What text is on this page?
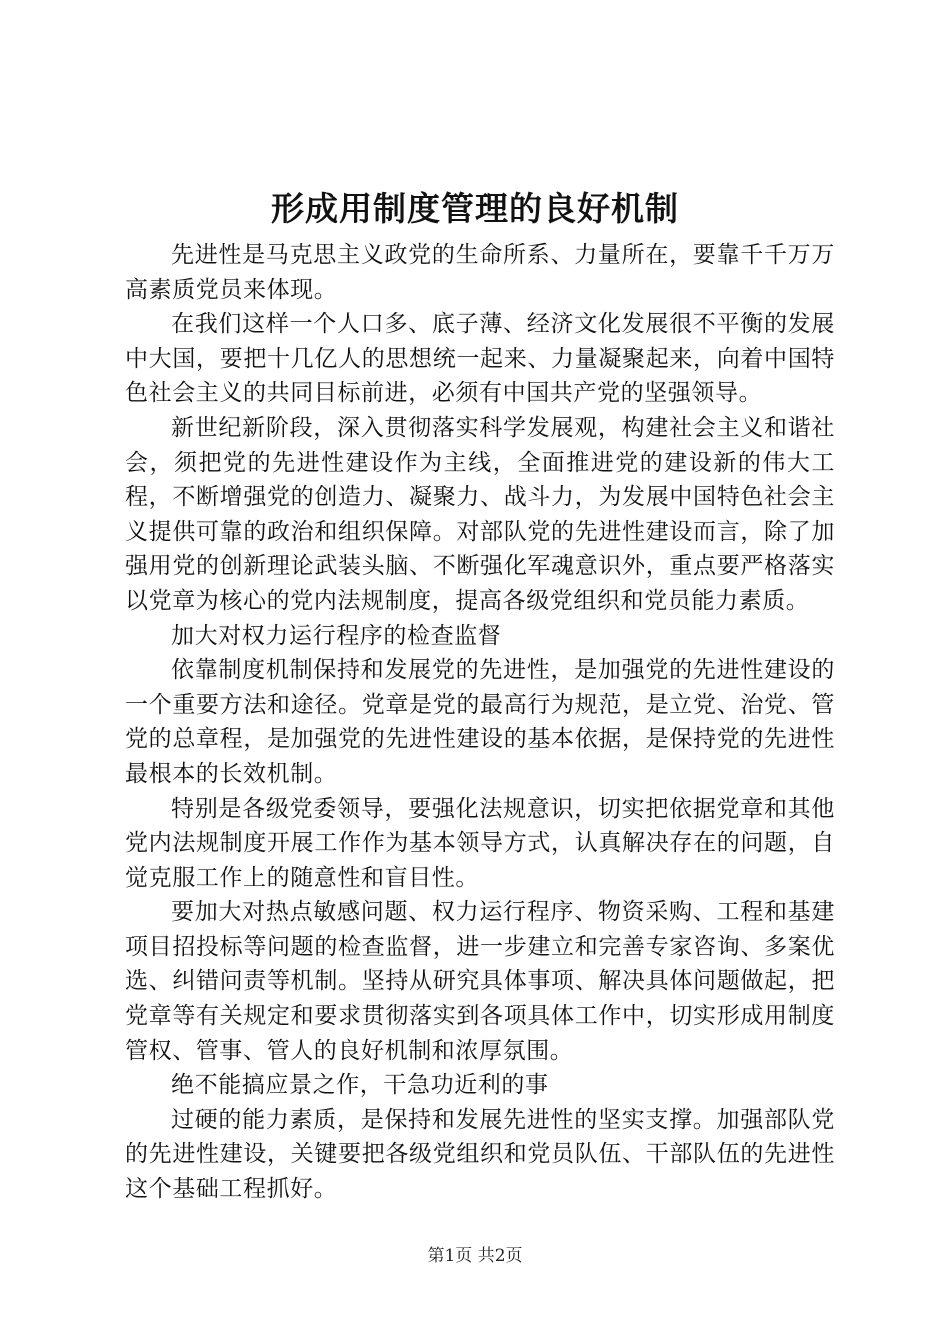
形成用制度管理的良好机制

先进性是马克思主义政党的生命所系、力量所在，要靠千千万万高素质党员来体现。

在我们这样一个人口多、底子薄、经济文化发展很不平衡的发展中大国，要把十几亿人的思想统一起来、力量凝聚起来，向着中国特色社会主义的共同目标前进，必须有中国共产党的坚强领导。

新世纪新阶段，深入贯彻落实科学发展观，构建社会主义和谐社会，须把党的先进性建设作为主线，全面推进党的建设新的伟大工程，不断增强党的创造力、凝聚力、战斗力，为发展中国特色社会主义提供可靠的政治和组织保障。对部队党的先进性建设而言，除了加强用党的创新理论武装头脑、不断强化军魂意识外，重点要严格落实以党章为核心的党内法规制度，提高各级党组织和党员能力素质。

加大对权力运行程序的检查监督

依靠制度机制保持和发展党的先进性，是加强党的先进性建设的一个重要方法和途径。党章是党的最高行为规范，是立党、治党、管党的总章程，是加强党的先进性建设的基本依据，是保持党的先进性最根本的长效机制。

特别是各级党委领导，要强化法规意识，切实把依据党章和其他党内法规制度开展工作作为基本领导方式，认真解决存在的问题，自觉克服工作上的随意性和盲目性。

要加大对热点敏感问题、权力运行程序、物资采购、工程和基建项目招投标等问题的检查监督，进一步建立和完善专家咨询、多案优选、纠错问责等机制。坚持从研究具体事项、解决具体问题做起，把党章等有关规定和要求贯彻落实到各项具体工作中，切实形成用制度管权、管事、管人的良好机制和浓厚氛围。

绝不能搞应景之作，干急功近利的事

过硬的能力素质，是保持和发展先进性的坚实支撑。加强部队党的先进性建设，关键要把各级党组织和党员队伍、干部队伍的先进性这个基础工程抓好。

第1页 共2页
